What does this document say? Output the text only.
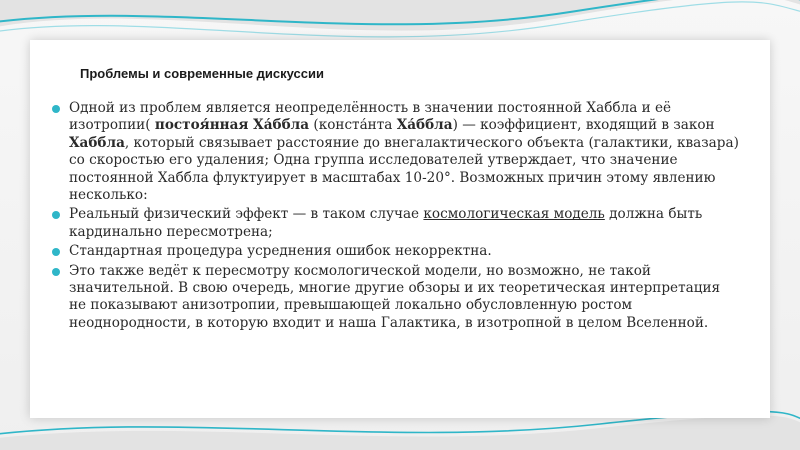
Проблемы и современные дискуссии
Одной из проблем является неопределённость в значении постоянной Хаббла и её изотропии( постоя́нная Ха́ббла (конста́нта Ха́ббла) — коэффициент, входящий в закон Хаббла, который связывает расстояние до внегалактического объекта (галактики, квазара) со скоростью его удаления; Одна группа исследователей утверждает, что значение постоянной Хаббла флуктуирует в масштабах 10-20°. Возможных причин этому явлению несколько:
Реальный физический эффект — в таком случае космологическая модель должна быть кардинально пересмотрена;
Стандартная процедура усреднения ошибок некорректна.
Это также ведёт к пересмотру космологической модели, но возможно, не такой значительной. В свою очередь, многие другие обзоры и их теоретическая интерпретация не показывают анизотропии, превышающей локально обусловленную ростом неоднородности, в которую входит и наша Галактика, в изотропной в целом Вселенной.
